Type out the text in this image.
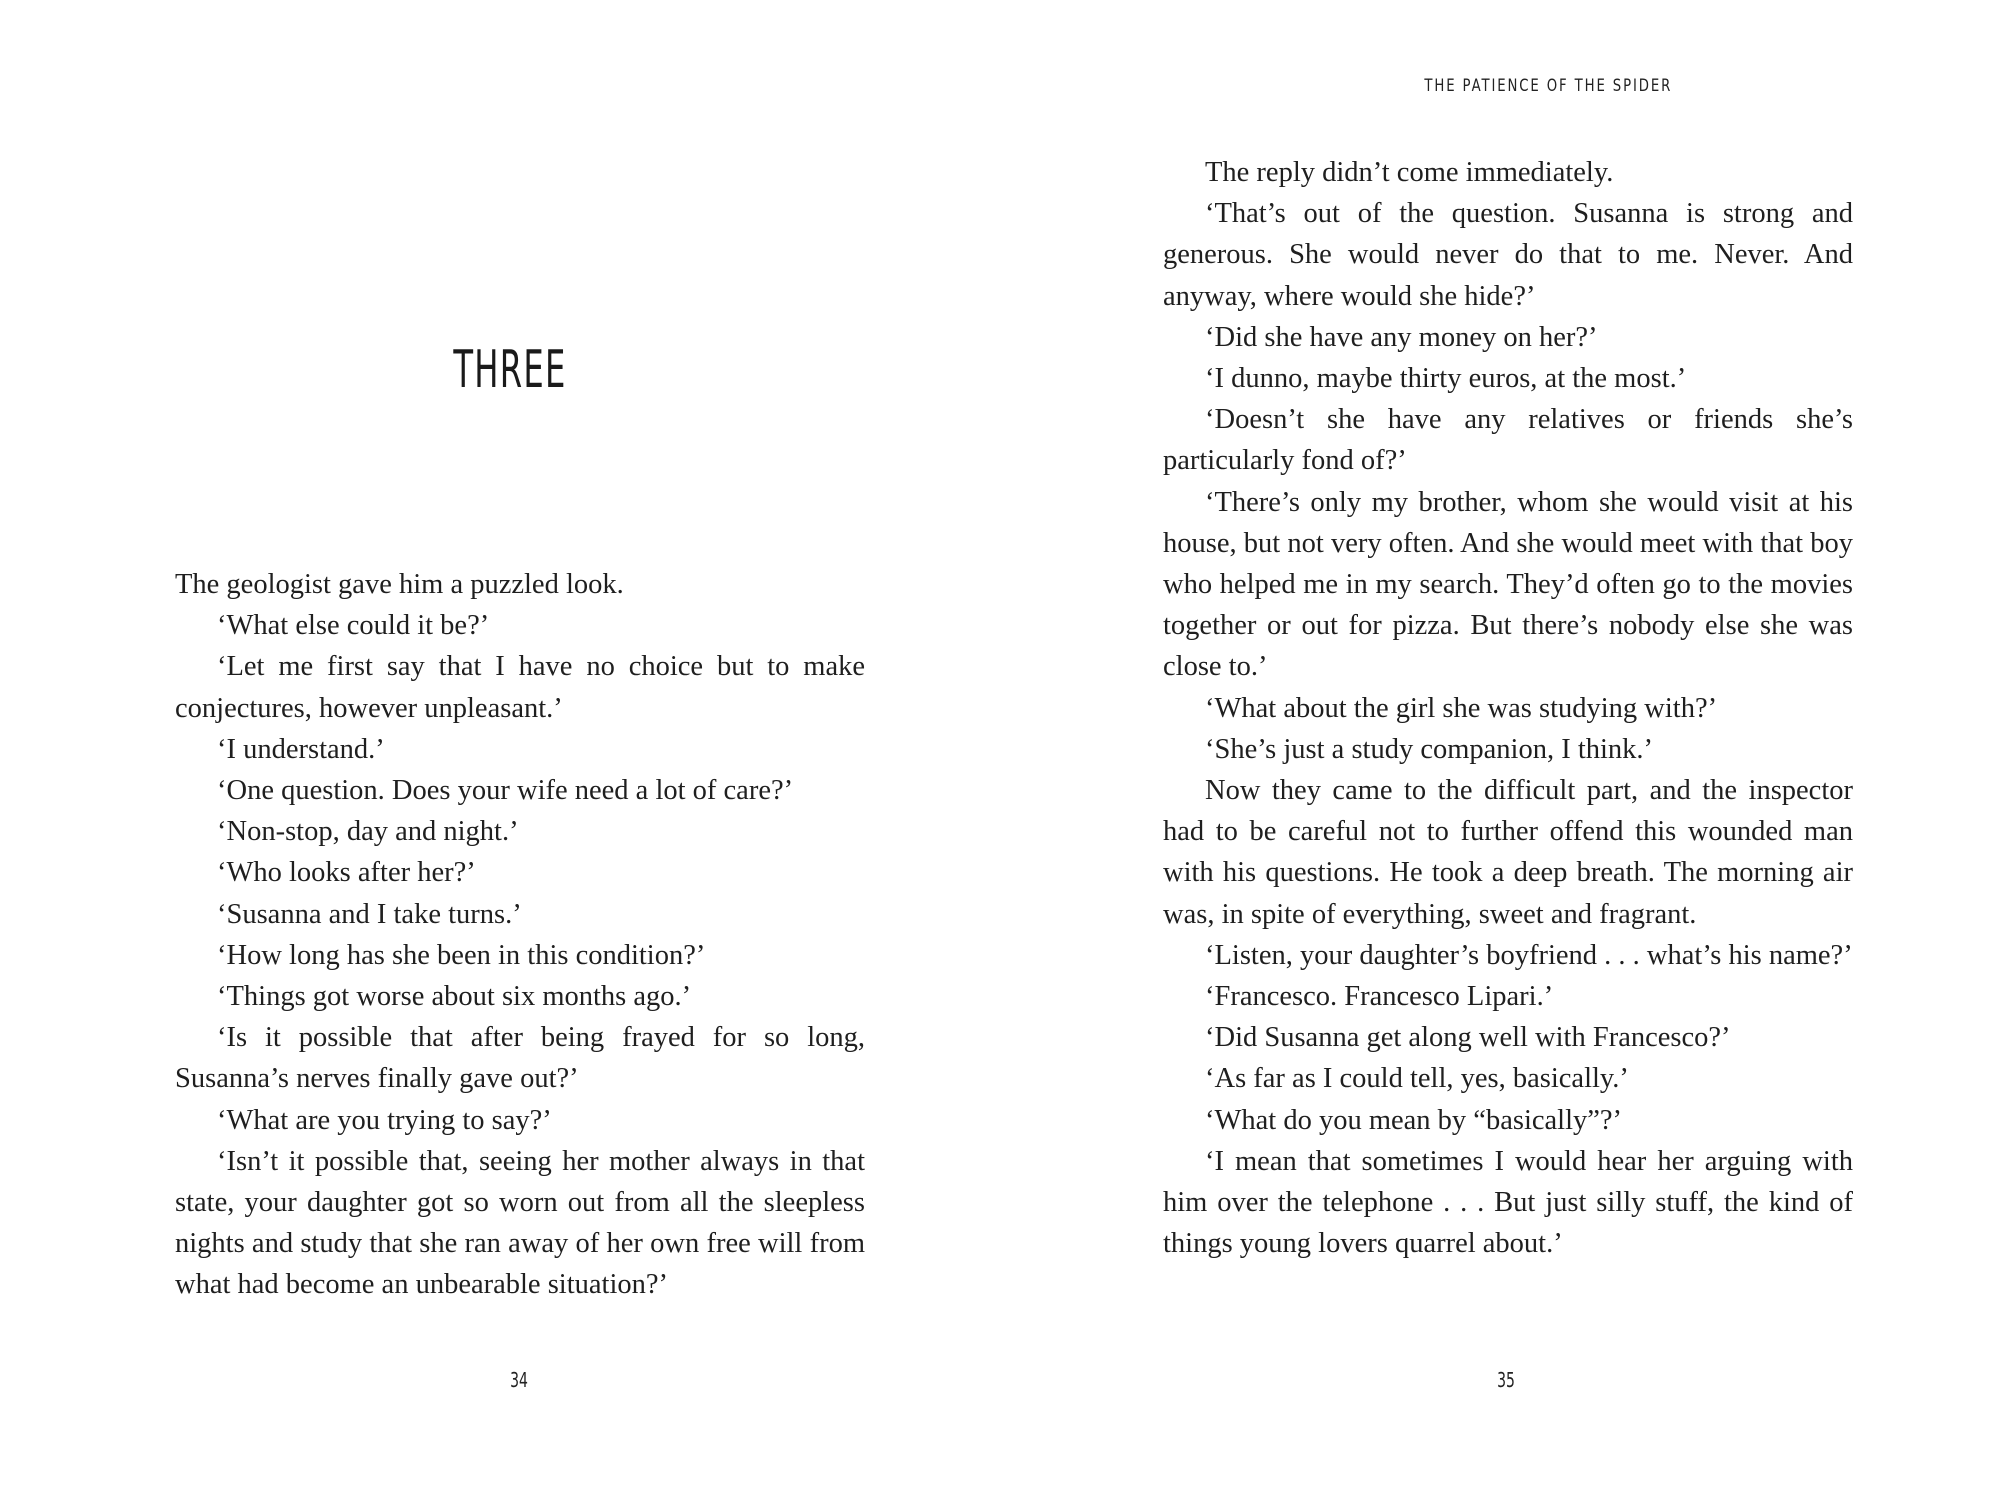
THREE

The geologist gave him a puzzled look.

‘What else could it be?’

‘Let me first say that I have no choice but to make conjectures, however unpleasant.’

‘I understand.’

‘One question. Does your wife need a lot of care?’

‘Non-stop, day and night.’

‘Who looks after her?’

‘Susanna and I take turns.’

‘How long has she been in this condition?’

‘Things got worse about six months ago.’

‘Is it possible that after being frayed for so long, Susanna’s nerves finally gave out?’

‘What are you trying to say?’

‘Isn’t it possible that, seeing her mother always in that state, your daughter got so worn out from all the sleepless nights and study that she ran away of her own free will from what had become an unbearable situation?’

34
THE PATIENCE OF THE SPIDER

The reply didn’t come immediately.

‘That’s out of the question. Susanna is strong and generous. She would never do that to me. Never. And anyway, where would she hide?’

‘Did she have any money on her?’

‘I dunno, maybe thirty euros, at the most.’

‘Doesn’t she have any relatives or friends she’s particularly fond of?’

‘There’s only my brother, whom she would visit at his house, but not very often. And she would meet with that boy who helped me in my search. They’d often go to the movies together or out for pizza. But there’s nobody else she was close to.’

‘What about the girl she was studying with?’

‘She’s just a study companion, I think.’

Now they came to the difficult part, and the inspector had to be careful not to further offend this wounded man with his questions. He took a deep breath. The morning air was, in spite of everything, sweet and fragrant.

‘Listen, your daughter’s boyfriend . . . what’s his name?’

‘Francesco. Francesco Lipari.’

‘Did Susanna get along well with Francesco?’

‘As far as I could tell, yes, basically.’

‘What do you mean by “basically”?’

‘I mean that sometimes I would hear her arguing with him over the telephone . . . But just silly stuff, the kind of things young lovers quarrel about.’

35
